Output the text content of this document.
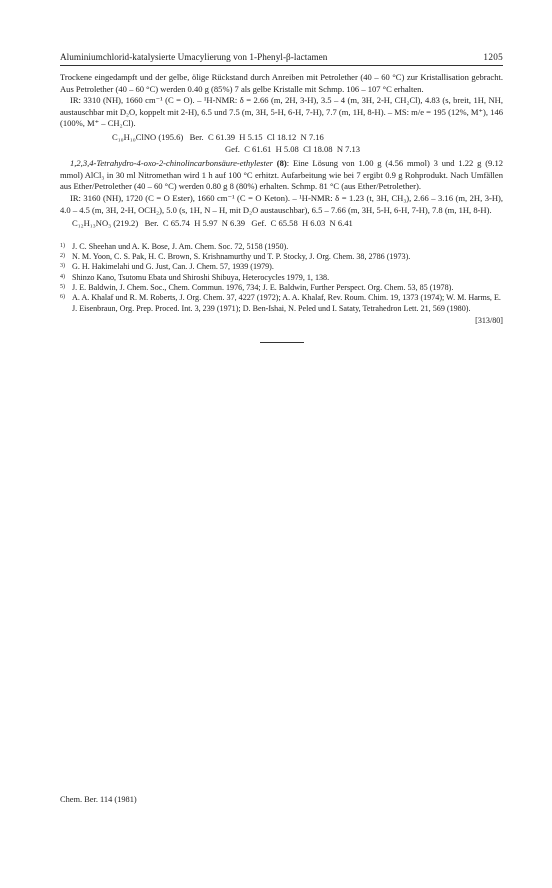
Aluminiumchlorid-katalysierte Umacylierung von 1-Phenyl-β-lactamen	1205

Trockene eingedampft und der gelbe, ölige Rückstand durch Anreiben mit Petrolether (40 – 60 °C) zur Kristallisation gebracht. Aus Petrolether (40 – 60 °C) werden 0.40 g (85%) 7 als gelbe Kristalle mit Schmp. 106 – 107 °C erhalten.

IR: 3310 (NH), 1660 cm⁻¹ (C = O). – ¹H-NMR: δ = 2.66 (m, 2H, 3-H), 3.5 – 4 (m, 3H, 2-H, CH₂Cl), 4.83 (s, breit, 1H, NH, austauschbar mit D₂O, koppelt mit 2-H), 6.5 und 7.5 (m, 3H, 5-H, 6-H, 7-H), 7.7 (m, 1H, 8-H). – MS: m/e = 195 (12%, M⁺), 146 (100%, M⁺ – CH₂Cl).

C₁₀H₁₀ClNO (195.6)   Ber.  C 61.39  H 5.15  Cl 18.12  N 7.16
Gef.  C 61.61  H 5.08  Cl 18.08  N 7.13

1,2,3,4-Tetrahydro-4-oxo-2-chinolincarbonsäure-ethylester (8): Eine Lösung von 1.00 g (4.56 mmol) 3 und 1.22 g (9.12 mmol) AlCl₃ in 30 ml Nitromethan wird 1 h auf 100 °C erhitzt. Aufarbeitung wie bei 7 ergibt 0.9 g Rohprodukt. Nach Umfällen aus Ether/Petrolether (40 – 60 °C) werden 0.80 g 8 (80%) erhalten. Schmp. 81 °C (aus Ether/Petrolether).

IR: 3160 (NH), 1720 (C = O Ester), 1660 cm⁻¹ (C = O Keton). – ¹H-NMR: δ = 1.23 (t, 3H, CH₃), 2.66 – 3.16 (m, 2H, 3-H), 4.0 – 4.5 (m, 3H, 2-H, OCH₂), 5.0 (s, 1H, N – H, mit D₂O austauschbar), 6.5 – 7.66 (m, 3H, 5-H, 6-H, 7-H), 7.8 (m, 1H, 8-H).

C₁₂H₁₃NO₃ (219.2)   Ber.  C 65.74  H 5.97  N 6.39   Gef.  C 65.58  H 6.03  N 6.41
1) J. C. Sheehan und A. K. Bose, J. Am. Chem. Soc. 72, 5158 (1950).
2) N. M. Yoon, C. S. Pak, H. C. Brown, S. Krishnamurthy und T. P. Stocky, J. Org. Chem. 38, 2786 (1973).
3) G. H. Hakimelahi und G. Just, Can. J. Chem. 57, 1939 (1979).
4) Shinzo Kano, Tsutomu Ebata und Shiroshi Shibuya, Heterocycles 1979, 1, 138.
5) J. E. Baldwin, J. Chem. Soc., Chem. Commun. 1976, 734; J. E. Baldwin, Further Perspect. Org. Chem. 53, 85 (1978).
6) A. A. Khalaf und R. M. Roberts, J. Org. Chem. 37, 4227 (1972); A. A. Khalaf, Rev. Roum. Chim. 19, 1373 (1974); W. M. Harms, E. J. Eisenbraun, Org. Prep. Proced. Int. 3, 239 (1971); D. Ben-Ishai, N. Peled und I. Sataty, Tetrahedron Lett. 21, 569 (1980).
[313/80]
Chem. Ber. 114 (1981)
